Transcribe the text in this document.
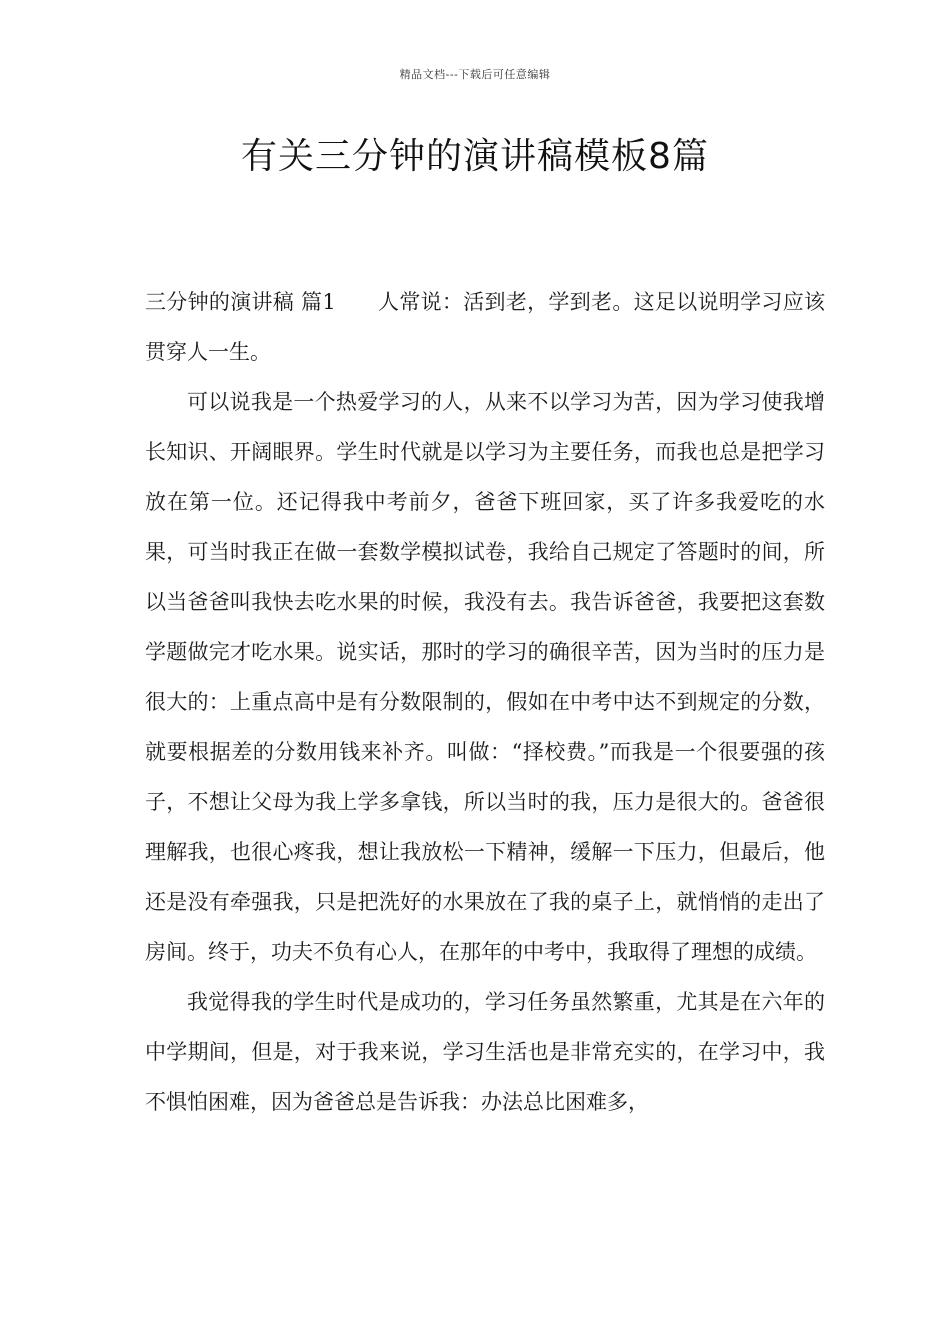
精品文档---下载后可任意编辑
有关三分钟的演讲稿模板8篇

三分钟的演讲稿 篇1 人常说：活到老，学到老。这足以说明学习应该贯穿人一生。

可以说我是一个热爱学习的人，从来不以学习为苦，因为学习使我增长知识、开阔眼界。学生时代就是以学习为主要任务，而我也总是把学习放在第一位。还记得我中考前夕，爸爸下班回家，买了许多我爱吃的水果，可当时我正在做一套数学模拟试卷，我给自己规定了答题时的间，所以当爸爸叫我快去吃水果的时候，我没有去。我告诉爸爸，我要把这套数学题做完才吃水果。说实话，那时的学习的确很辛苦，因为当时的压力是很大的：上重点高中是有分数限制的，假如在中考中达不到规定的分数，就要根据差的分数用钱来补齐。叫做：“择校费。”而我是一个很要强的孩子，不想让父母为我上学多拿钱，所以当时的我，压力是很大的。爸爸很理解我，也很心疼我，想让我放松一下精神，缓解一下压力，但最后，他还是没有牵强我，只是把洗好的水果放在了我的桌子上，就悄悄的走出了房间。终于，功夫不负有心人，在那年的中考中，我取得了理想的成绩。

我觉得我的学生时代是成功的，学习任务虽然繁重，尤其是在六年的中学期间，但是，对于我来说，学习生活也是非常充实的，在学习中，我不惧怕困难，因为爸爸总是告诉我：办法总比困难多，
